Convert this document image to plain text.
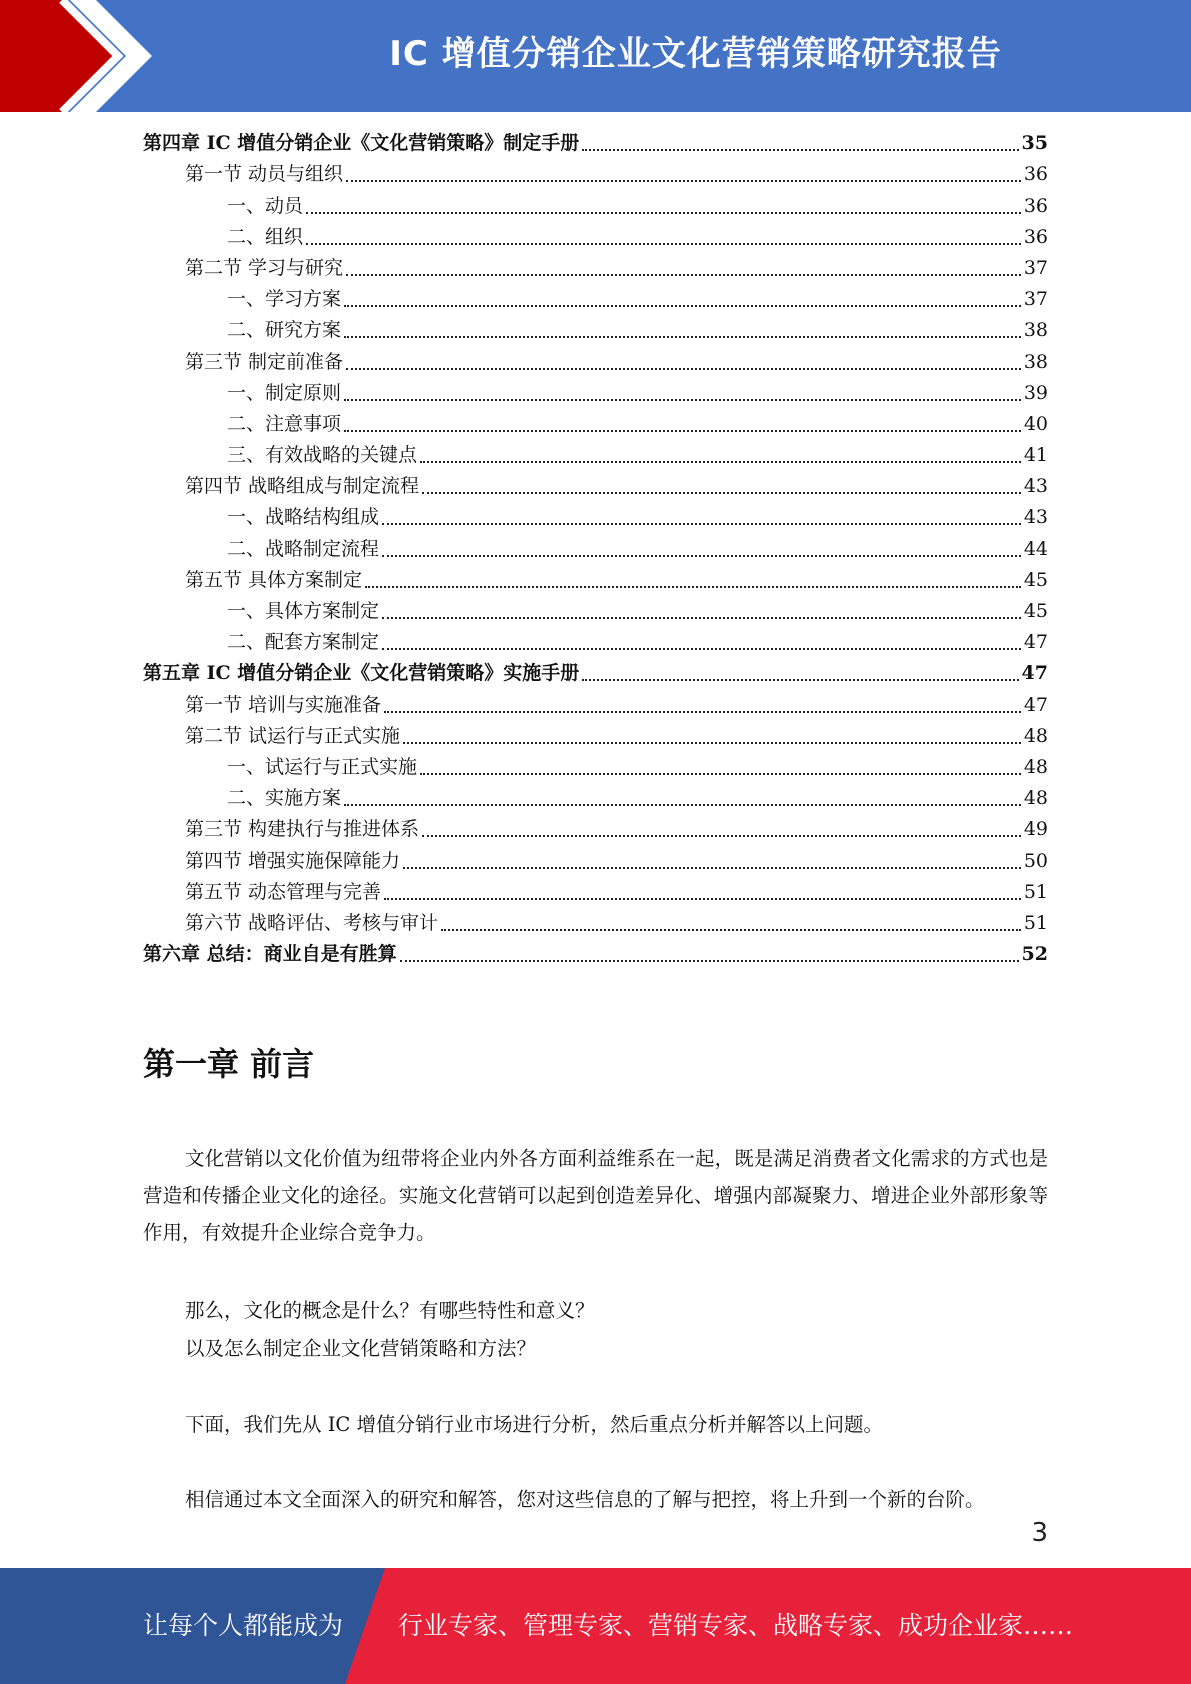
IC 增值分销企业文化营销策略研究报告
第四章 IC 增值分销企业《文化营销策略》制定手册	35
第一节 动员与组织	36
一、动员	36
二、组织	36
第二节 学习与研究	37
一、学习方案	37
二、研究方案	38
第三节 制定前准备	38
一、制定原则	39
二、注意事项	40
三、有效战略的关键点	41
第四节 战略组成与制定流程	43
一、战略结构组成	43
二、战略制定流程	44
第五节 具体方案制定	45
一、具体方案制定	45
二、配套方案制定	47
第五章 IC 增值分销企业《文化营销策略》实施手册	47
第一节 培训与实施准备	47
第二节 试运行与正式实施	48
一、试运行与正式实施	48
二、实施方案	48
第三节 构建执行与推进体系	49
第四节 增强实施保障能力	50
第五节 动态管理与完善	51
第六节 战略评估、考核与审计	51
第六章 总结：商业自是有胜算	52
第一章 前言

文化营销以文化价值为纽带将企业内外各方面利益维系在一起，既是满足消费者文化需求的方式也是营造和传播企业文化的途径。实施文化营销可以起到创造差异化、增强内部凝聚力、增进企业外部形象等作用，有效提升企业综合竞争力。

那么，文化的概念是什么？有哪些特性和意义？

以及怎么制定企业文化营销策略和方法？

下面，我们先从 IC 增值分销行业市场进行分析，然后重点分析并解答以上问题。

相信通过本文全面深入的研究和解答，您对这些信息的了解与把控，将上升到一个新的台阶。

3
让每个人都能成为 行业专家、管理专家、营销专家、战略专家、成功企业家……
